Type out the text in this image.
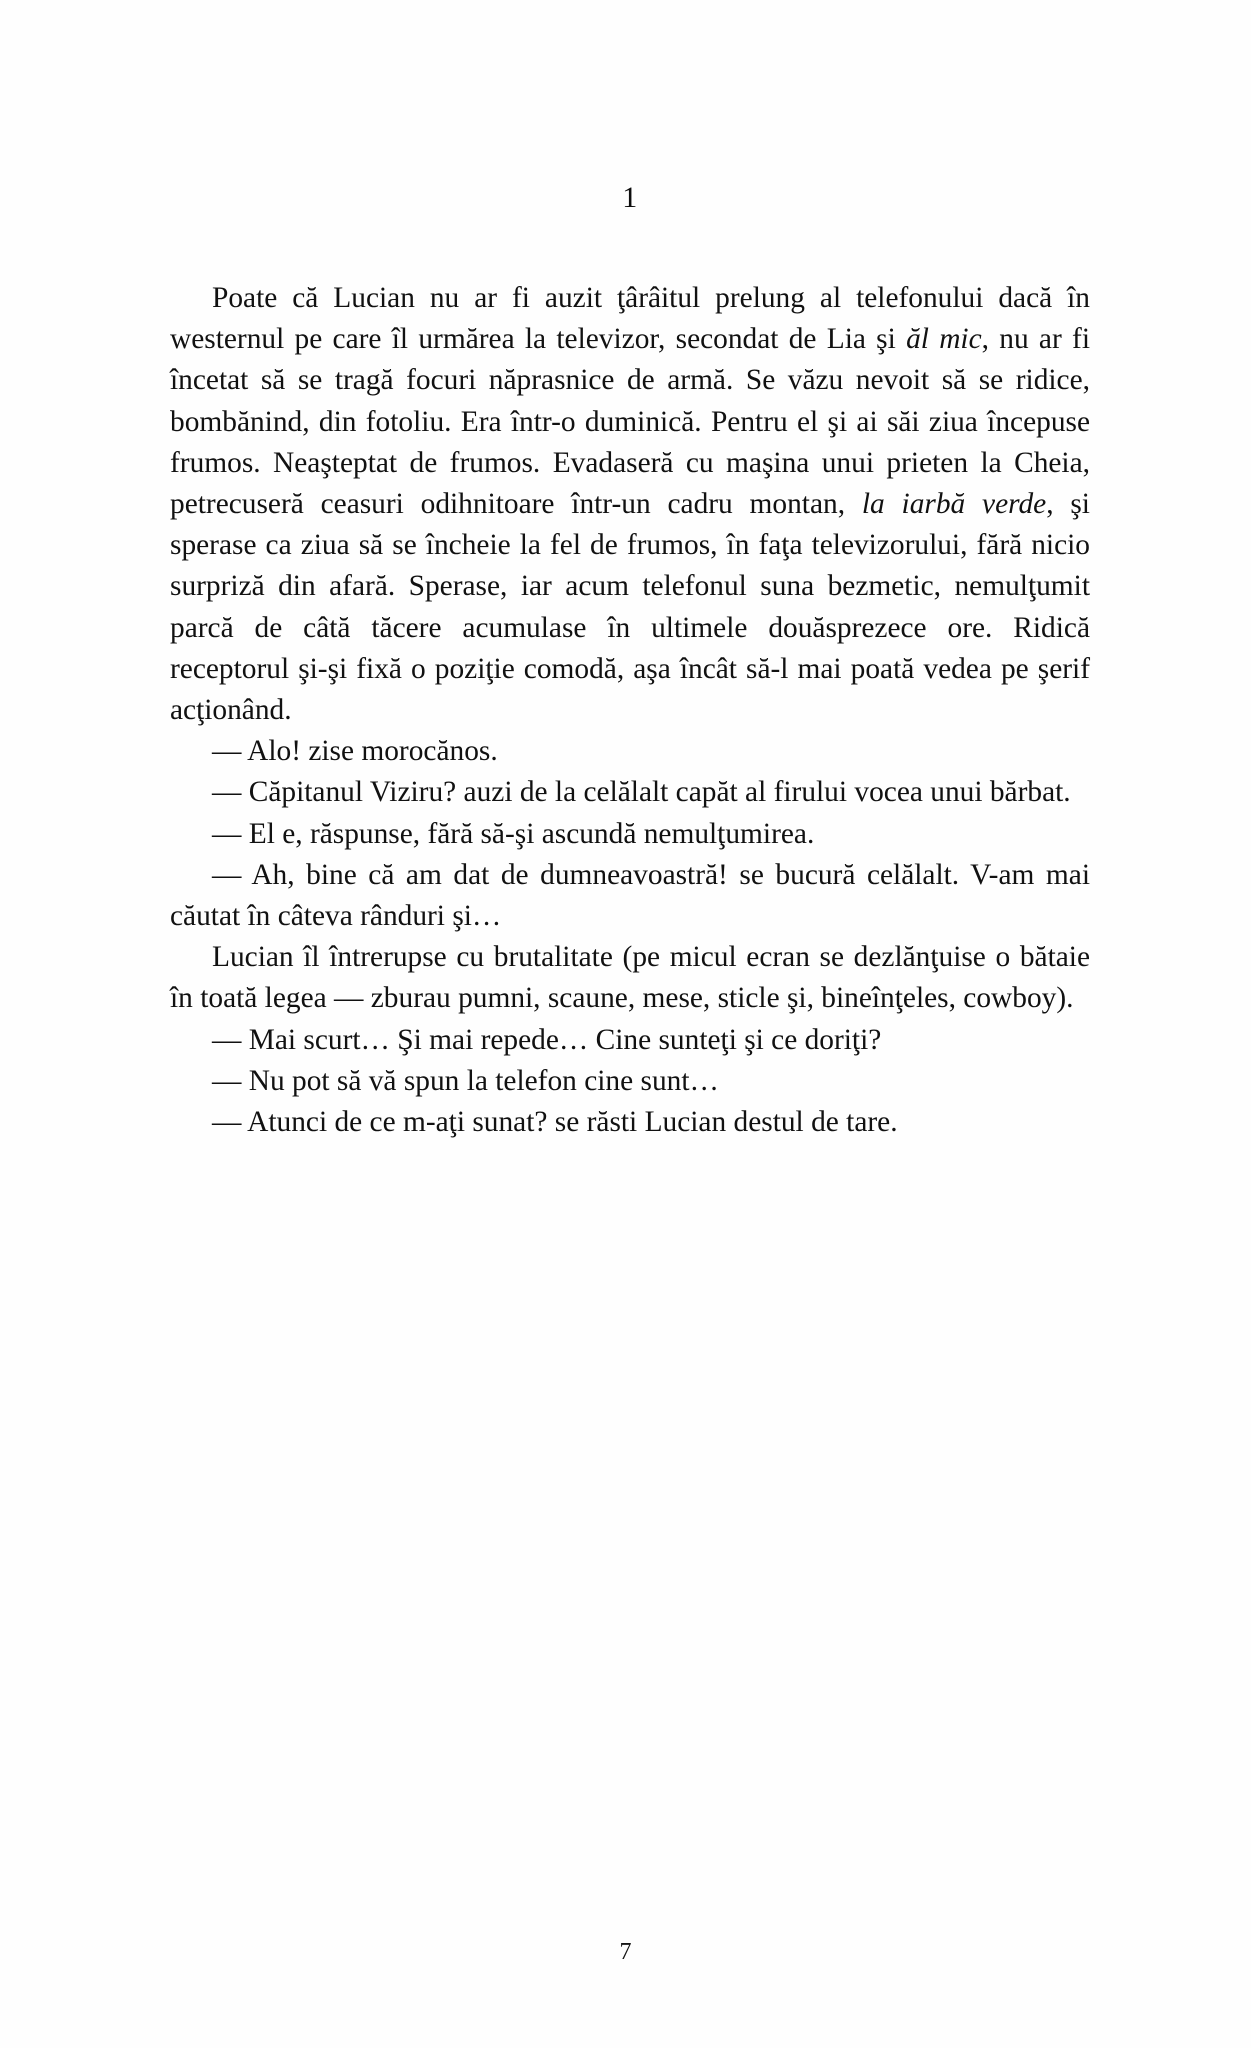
1

Poate că Lucian nu ar fi auzit ţârâitul prelung al telefonului dacă în westernul pe care îl urmărea la televizor, secondat de Lia şi ăl mic, nu ar fi încetat să se tragă focuri năprasnice de armă. Se văzu nevoit să se ridice, bombănind, din fotoliu. Era într-o duminică. Pentru el şi ai săi ziua începuse frumos. Neaşteptat de frumos. Evadaseră cu maşina unui prieten la Cheia, petrecuseră ceasuri odihnitoare într-un cadru montan, la iarbă verde, şi sperase ca ziua să se încheie la fel de frumos, în faţa televizorului, fără nicio surpriză din afară. Sperase, iar acum telefonul suna bezmetic, nemulţumit parcă de câtă tăcere acumulase în ultimele douăsprezece ore. Ridică receptorul şi-şi fixă o poziţie comodă, aşa încât să-l mai poată vedea pe şerif acţionând.

— Alo! zise morocănos.

— Căpitanul Viziru? auzi de la celălalt capăt al firului vocea unui bărbat.

— El e, răspunse, fără să-şi ascundă nemulţumirea.

— Ah, bine că am dat de dumneavoastră! se bucură celălalt. V-am mai căutat în câteva rânduri şi…

Lucian îl întrerupse cu brutalitate (pe micul ecran se dezlănţuise o bătaie în toată legea — zburau pumni, scaune, mese, sticle şi, bineînţeles, cowboy).

— Mai scurt… Şi mai repede… Cine sunteţi şi ce doriţi?

— Nu pot să vă spun la telefon cine sunt…

— Atunci de ce m-aţi sunat? se răsti Lucian destul de tare.

7
